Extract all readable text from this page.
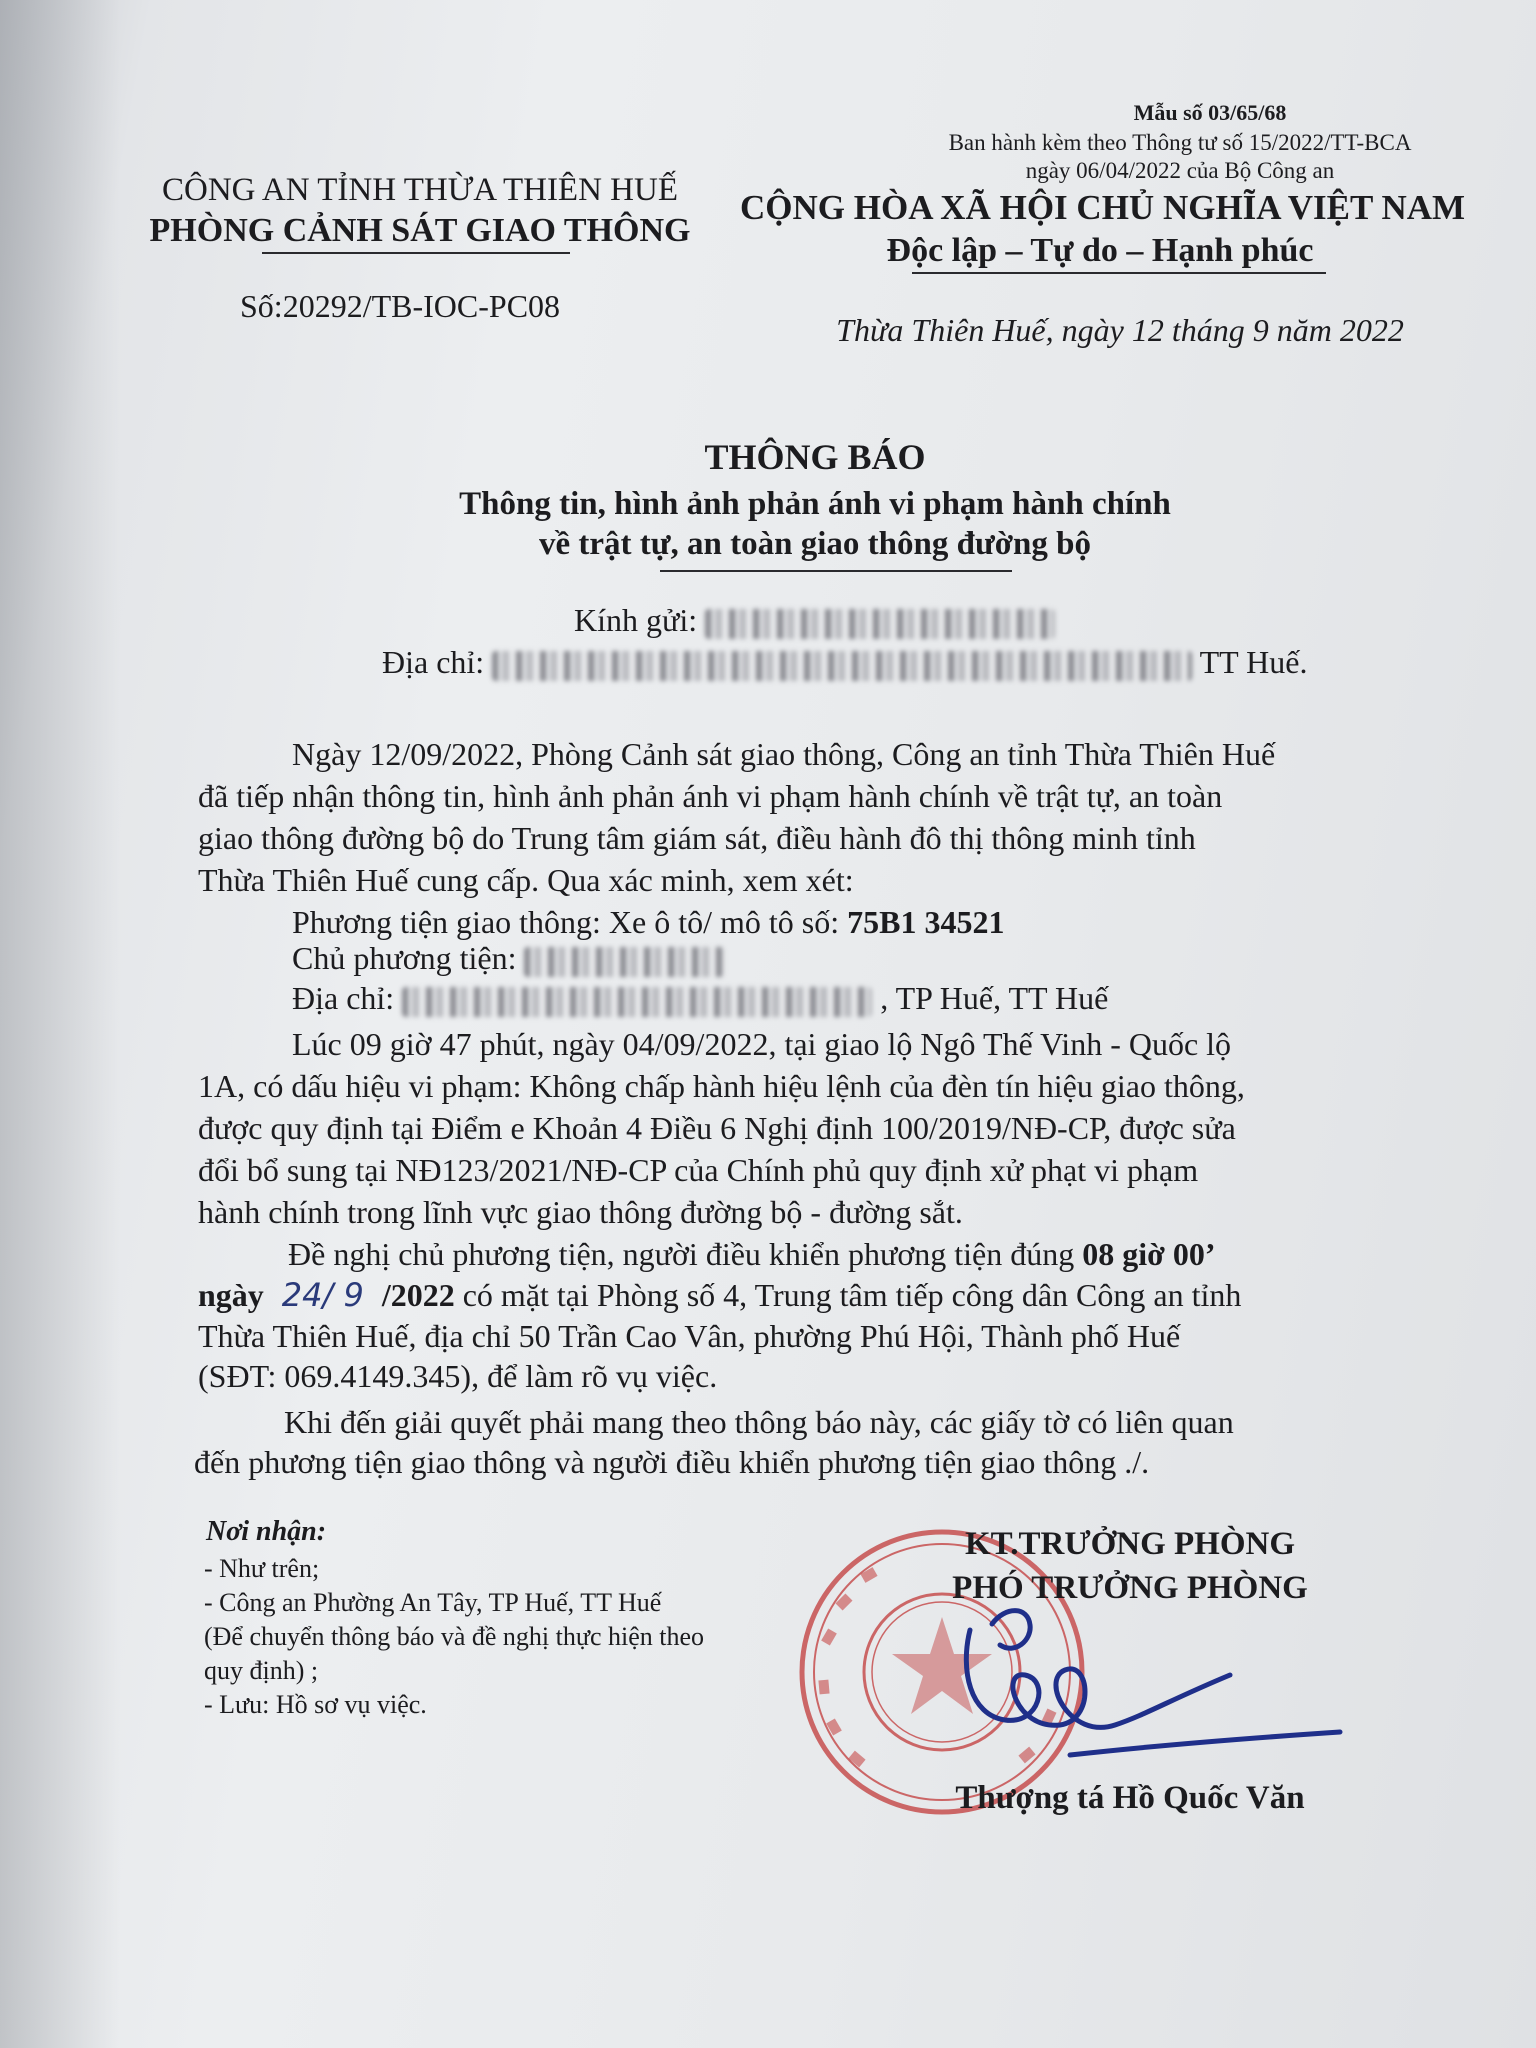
Mẫu số 03/65/68
Ban hành kèm theo Thông tư số 15/2022/TT-BCA
ngày 06/04/2022 của Bộ Công an
CÔNG AN TỈNH THỪA THIÊN HUẾ
PHÒNG CẢNH SÁT GIAO THÔNG
Số:20292/TB-IOC-PC08
CỘNG HÒA XÃ HỘI CHỦ NGHĨA VIỆT NAM
Độc lập – Tự do – Hạnh phúc
Thừa Thiên Huế, ngày 12 tháng 9 năm 2022
THÔNG BÁO
Thông tin, hình ảnh phản ánh vi phạm hành chính
về trật tự, an toàn giao thông đường bộ
Kính gửi:
Địa chỉ:	TT Huế.
Ngày 12/09/2022, Phòng Cảnh sát giao thông, Công an tỉnh Thừa Thiên Huế
đã tiếp nhận thông tin, hình ảnh phản ánh vi phạm hành chính về trật tự, an toàn
giao thông đường bộ do Trung tâm giám sát, điều hành đô thị thông minh tỉnh
Thừa Thiên Huế cung cấp. Qua xác minh, xem xét:
Phương tiện giao thông: Xe ô tô/ mô tô số: 75B1 34521
Chủ phương tiện:
Địa chỉ:	, TP Huế, TT Huế
Lúc 09 giờ 47 phút, ngày 04/09/2022, tại giao lộ Ngô Thế Vinh - Quốc lộ
1A, có dấu hiệu vi phạm: Không chấp hành hiệu lệnh của đèn tín hiệu giao thông,
được quy định tại Điểm e Khoản 4 Điều 6 Nghị định 100/2019/NĐ-CP, được sửa
đổi bổ sung tại NĐ123/2021/NĐ-CP của Chính phủ quy định xử phạt vi phạm
hành chính trong lĩnh vực giao thông đường bộ - đường sắt.
Đề nghị chủ phương tiện, người điều khiển phương tiện đúng 08 giờ 00’
ngày 24/ 9 /2022 có mặt tại Phòng số 4, Trung tâm tiếp công dân Công an tỉnh
Thừa Thiên Huế, địa chỉ 50 Trần Cao Vân, phường Phú Hội, Thành phố Huế
(SĐT: 069.4149.345), để làm rõ vụ việc.
Khi đến giải quyết phải mang theo thông báo này, các giấy tờ có liên quan
đến phương tiện giao thông và người điều khiển phương tiện giao thông ./.
Nơi nhận:
- Như trên;
- Công an Phường An Tây, TP Huế, TT Huế
(Để chuyển thông báo và đề nghị thực hiện theo
quy định) ;
- Lưu: Hồ sơ vụ việc.
KT.TRƯỞNG PHÒNG
PHÓ TRƯỞNG PHÒNG
Thượng tá Hồ Quốc Văn
